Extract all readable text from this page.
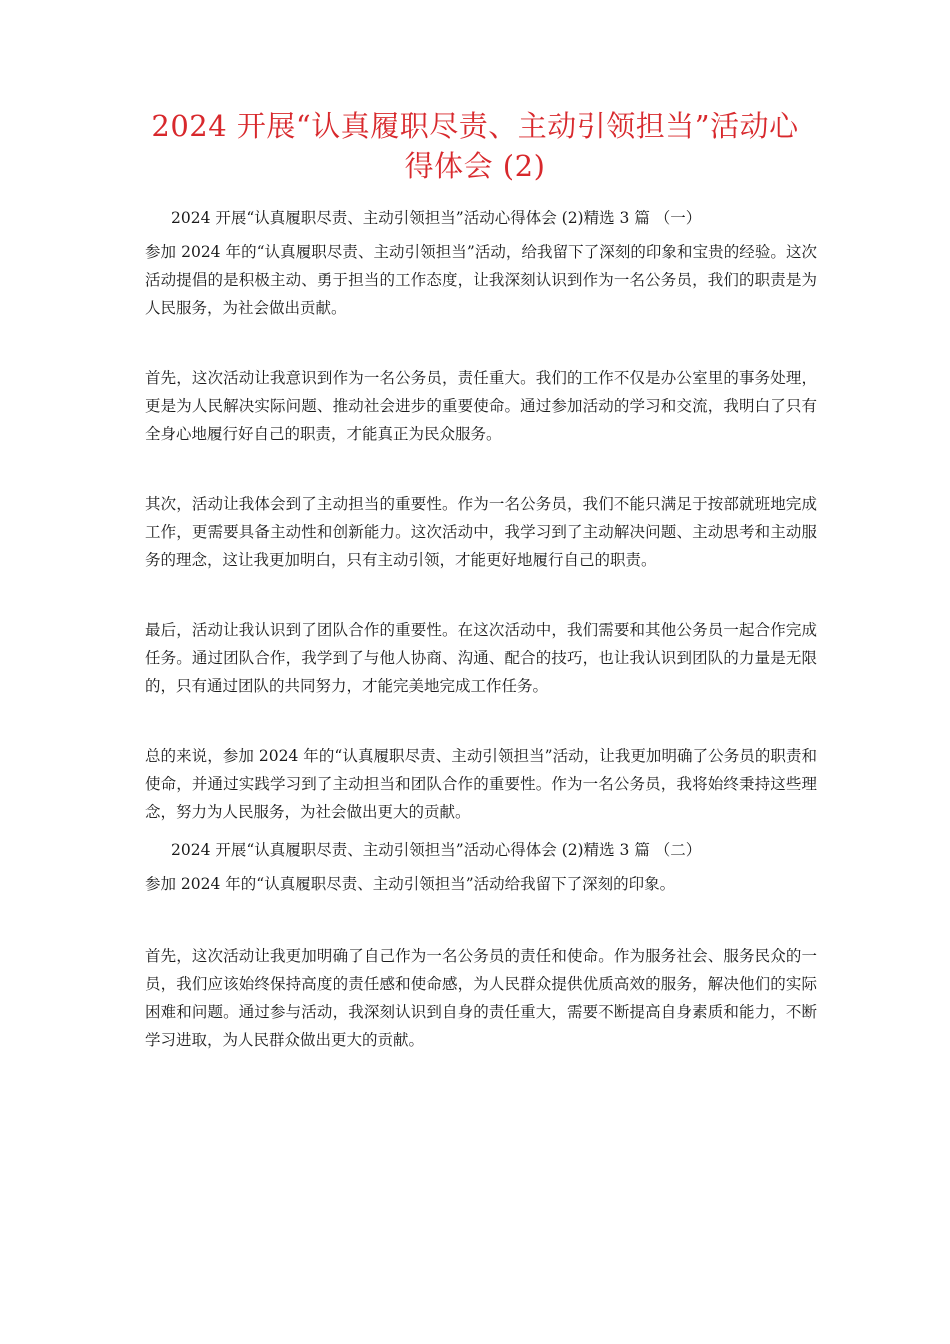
2024 开展“认真履职尽责、主动引领担当”活动心
得体会 (2)

2024 开展“认真履职尽责、主动引领担当”活动心得体会 (2)精选 3 篇 （一）

参加 2024 年的“认真履职尽责、主动引领担当”活动，给我留下了深刻的印象和宝贵的经验。这次活动提倡的是积极主动、勇于担当的工作态度，让我深刻认识到作为一名公务员，我们的职责是为人民服务，为社会做出贡献。

首先，这次活动让我意识到作为一名公务员，责任重大。我们的工作不仅是办公室里的事务处理，更是为人民解决实际问题、推动社会进步的重要使命。通过参加活动的学习和交流，我明白了只有全身心地履行好自己的职责，才能真正为民众服务。

其次，活动让我体会到了主动担当的重要性。作为一名公务员，我们不能只满足于按部就班地完成工作，更需要具备主动性和创新能力。这次活动中，我学习到了主动解决问题、主动思考和主动服务的理念，这让我更加明白，只有主动引领，才能更好地履行自己的职责。

最后，活动让我认识到了团队合作的重要性。在这次活动中，我们需要和其他公务员一起合作完成任务。通过团队合作，我学到了与他人协商、沟通、配合的技巧，也让我认识到团队的力量是无限的，只有通过团队的共同努力，才能完美地完成工作任务。

总的来说，参加 2024 年的“认真履职尽责、主动引领担当”活动，让我更加明确了公务员的职责和使命，并通过实践学习到了主动担当和团队合作的重要性。作为一名公务员，我将始终秉持这些理念，努力为人民服务，为社会做出更大的贡献。

2024 开展“认真履职尽责、主动引领担当”活动心得体会 (2)精选 3 篇 （二）

参加 2024 年的“认真履职尽责、主动引领担当”活动给我留下了深刻的印象。

首先，这次活动让我更加明确了自己作为一名公务员的责任和使命。作为服务社会、服务民众的一员，我们应该始终保持高度的责任感和使命感，为人民群众提供优质高效的服务，解决他们的实际困难和问题。通过参与活动，我深刻认识到自身的责任重大，需要不断提高自身素质和能力，不断学习进取，为人民群众做出更大的贡献。
